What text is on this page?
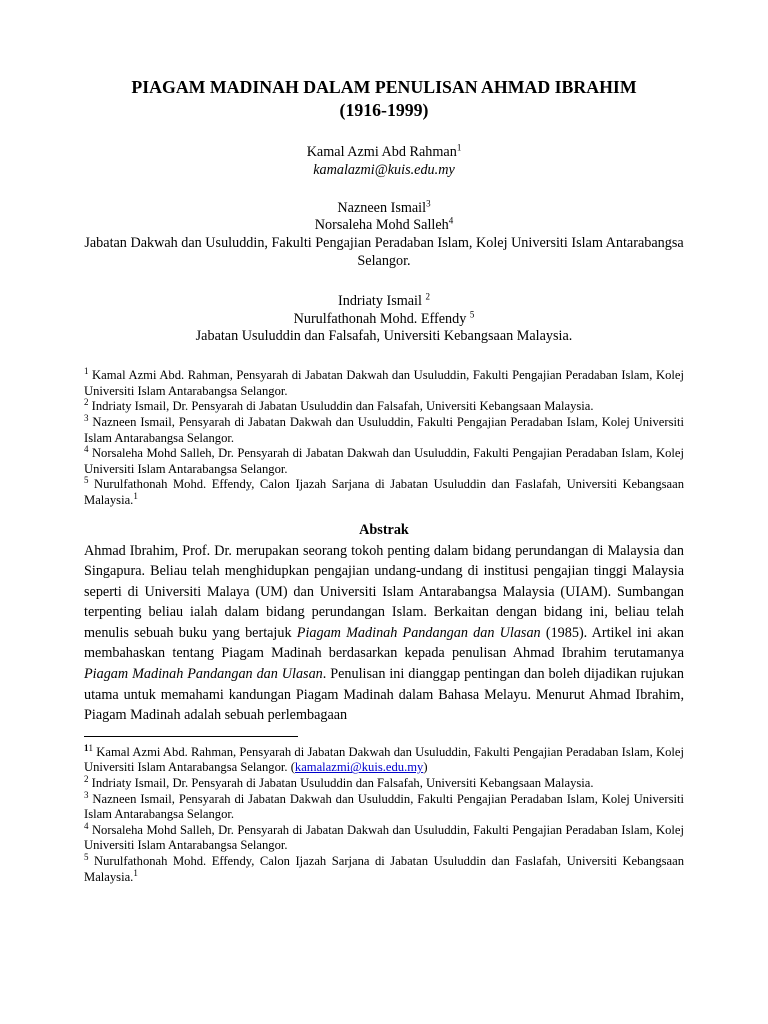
PIAGAM MADINAH DALAM PENULISAN AHMAD IBRAHIM
(1916-1999)
Kamal Azmi Abd Rahman$^1$
kamalazmi@kuis.edu.my
Nazneen Ismail$^3$
Norsaleha Mohd Salleh$^4$
Jabatan Dakwah dan Usuluddin, Fakulti Pengajian Peradaban Islam, Kolej Universiti Islam Antarabangsa Selangor.
Indriaty Ismail $^2$
Nurulfathonah Mohd. Effendy $^5$
Jabatan Usuluddin dan Falsafah, Universiti Kebangsaan Malaysia.

$^1$ Kamal Azmi Abd. Rahman, Pensyarah di Jabatan Dakwah dan Usuluddin, Fakulti Pengajian Peradaban Islam, Kolej Universiti Islam Antarabangsa Selangor.

$^2$ Indriaty Ismail, Dr. Pensyarah di Jabatan Usuluddin dan Falsafah, Universiti Kebangsaan Malaysia.

$^3$ Nazneen Ismail, Pensyarah di Jabatan Dakwah dan Usuluddin, Fakulti Pengajian Peradaban Islam, Kolej Universiti Islam Antarabangsa Selangor.

$^4$ Norsaleha Mohd Salleh, Dr. Pensyarah di Jabatan Dakwah dan Usuluddin, Fakulti Pengajian Peradaban Islam, Kolej Universiti Islam Antarabangsa Selangor.

$^5$ Nurulfathonah Mohd. Effendy, Calon Ijazah Sarjana di Jabatan Usuluddin dan Faslafah, Universiti Kebangsaan Malaysia.$^1$

Abstrak

Ahmad Ibrahim, Prof. Dr. merupakan seorang tokoh penting dalam bidang perundangan di Malaysia dan Singapura. Beliau telah menghidupkan pengajian undang-undang di institusi pengajian tinggi Malaysia seperti di Universiti Malaya (UM) dan Universiti Islam Antarabangsa Malaysia (UIAM). Sumbangan terpenting beliau ialah dalam bidang perundangan Islam. Berkaitan dengan bidang ini, beliau telah menulis sebuah buku yang bertajuk Piagam Madinah Pandangan dan Ulasan (1985). Artikel ini akan membahaskan tentang Piagam Madinah berdasarkan kepada penulisan Ahmad Ibrahim terutamanya Piagam Madinah Pandangan dan Ulasan. Penulisan ini dianggap pentingan dan boleh dijadikan rujukan utama untuk memahami kandungan Piagam Madinah dalam Bahasa Melayu. Menurut Ahmad Ibrahim, Piagam Madinah adalah sebuah perlembagaan

$^{11}$ Kamal Azmi Abd. Rahman, Pensyarah di Jabatan Dakwah dan Usuluddin, Fakulti Pengajian Peradaban Islam, Kolej Universiti Islam Antarabangsa Selangor. (kamalazmi@kuis.edu.my)

$^2$ Indriaty Ismail, Dr. Pensyarah di Jabatan Usuluddin dan Falsafah, Universiti Kebangsaan Malaysia.

$^3$ Nazneen Ismail, Pensyarah di Jabatan Dakwah dan Usuluddin, Fakulti Pengajian Peradaban Islam, Kolej Universiti Islam Antarabangsa Selangor.

$^4$ Norsaleha Mohd Salleh, Dr. Pensyarah di Jabatan Dakwah dan Usuluddin, Fakulti Pengajian Peradaban Islam, Kolej Universiti Islam Antarabangsa Selangor.

$^5$ Nurulfathonah Mohd. Effendy, Calon Ijazah Sarjana di Jabatan Usuluddin dan Faslafah, Universiti Kebangsaan Malaysia.$^1$
